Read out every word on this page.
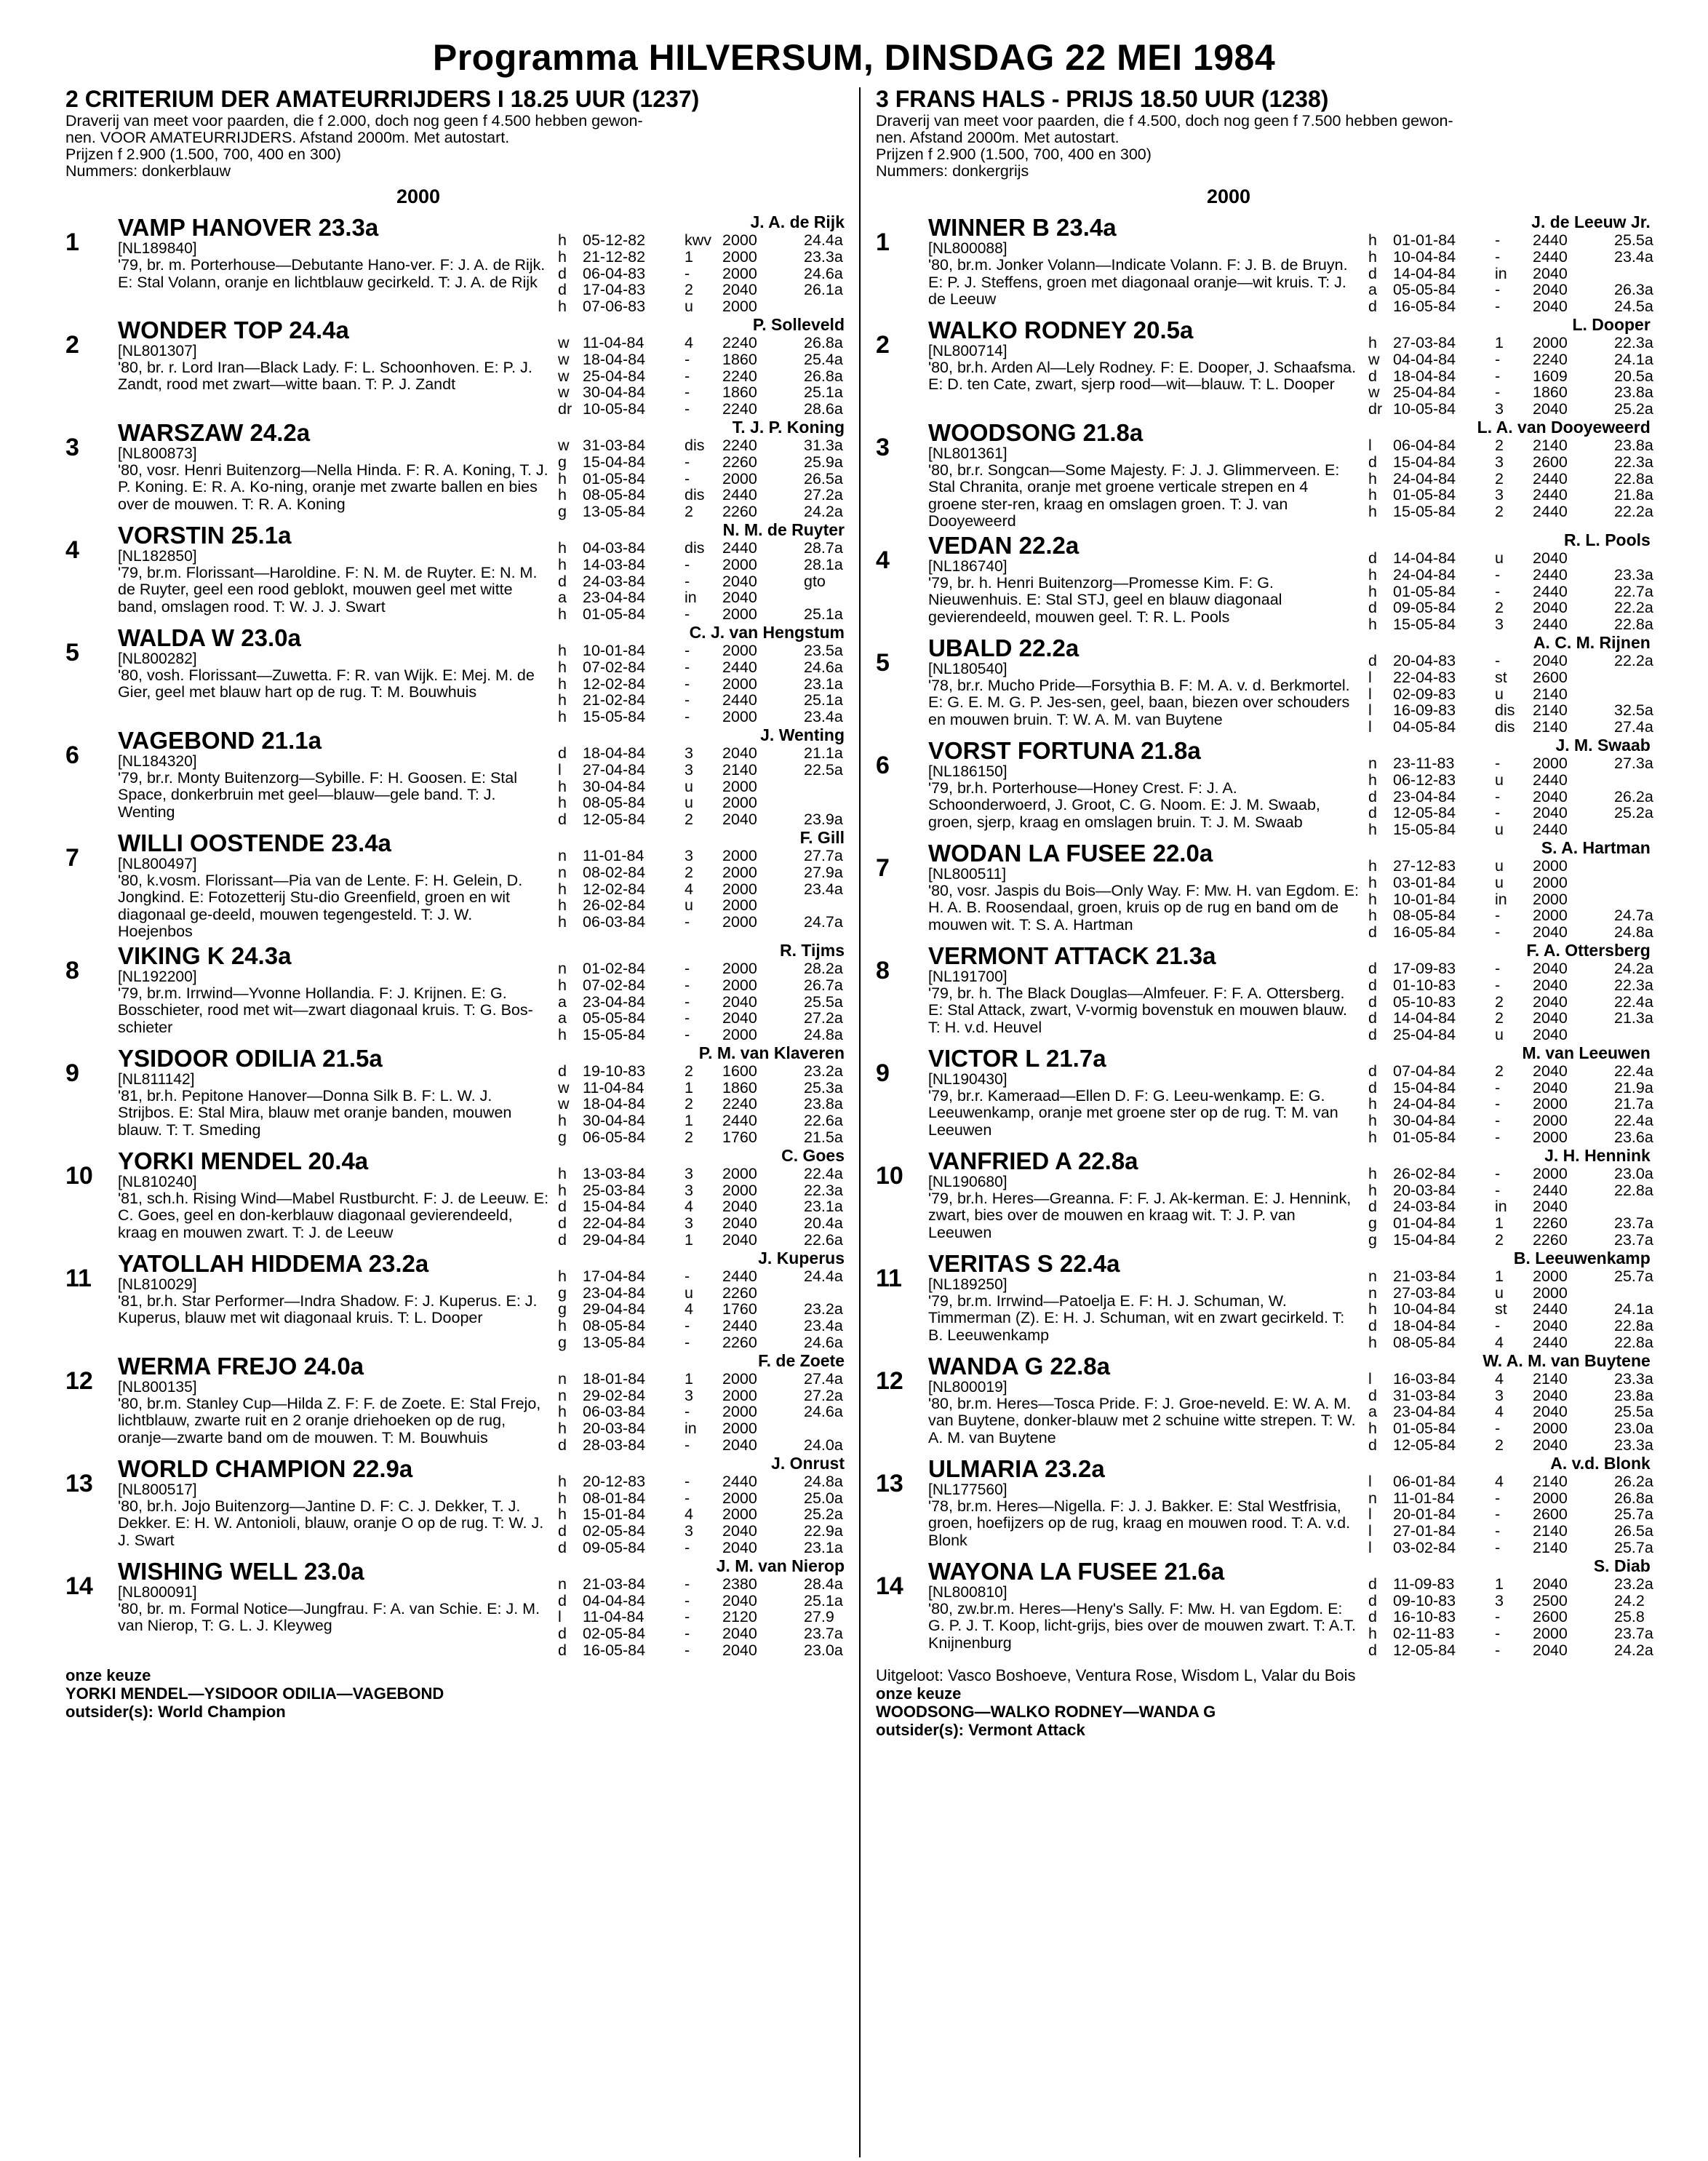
Programma HILVERSUM, DINSDAG 22 MEI 1984
2 CRITERIUM DER AMATEURRIJDERS I 18.25 UUR (1237)
Draverij van meet voor paarden, die f 2.000, doch nog geen f 4.500 hebben gewon-
nen. VOOR AMATEURRIJDERS. Afstand 2000m. Met autostart.
Prijzen f 2.900 (1.500, 700, 400 en 300)
Nummers: donkerblauw
2000
1
VAMP HANOVER 23.3a
[NL189840]
'79, br. m. Porterhouse—Debutante Hano-ver. F: J. A. de Rijk. E: Stal Volann, oranje en lichtblauw gecirkeld. T: J. A. de Rijk
J. A. de Rijk
h	05-12-82	kwv 2000	24.4a
h	21-12-82	1	2000	23.3a
d	06-04-83	-	2000	24.6a
d	17-04-83	2	2040	26.1a
h	07-06-83	u	2000
2
WONDER TOP 24.4a
[NL801307]
'80, br. r. Lord Iran—Black Lady. F: L. Schoonhoven. E: P. J. Zandt, rood met zwart—witte baan. T: P. J. Zandt
P. Solleveld
w 11-04-84	4	2240	26.8a
w 18-04-84	-	1860	25.4a
w 25-04-84	-	2240	26.8a
w 30-04-84	-	1860	25.1a
dr 10-05-84	-	2240	28.6a
3
WARSZAW 24.2a
[NL800873]
'80, vosr. Henri Buitenzorg—Nella Hinda. F: R. A. Koning, T. J. P. Koning. E: R. A. Ko-ning, oranje met zwarte ballen en bies over de mouwen. T: R. A. Koning
T. J. P. Koning
w 31-03-84	dis	2240	31.3a
g	15-04-84	-	2260	25.9a
h	01-05-84	-	2000	26.5a
h	08-05-84	dis	2440	27.2a
g	13-05-84	2	2260	24.2a
4
VORSTIN 25.1a
[NL182850]
'79, br.m. Florissant—Haroldine. F: N. M. de Ruyter. E: N. M. de Ruyter, geel een rood geblokt, mouwen geel met witte band, omslagen rood. T: W. J. J. Swart
N. M. de Ruyter
h	04-03-84	dis	2440	28.7a
h	14-03-84	-	2000	28.1a
d	24-03-84	-	2040	gto
a	23-04-84	in	2040
h	01-05-84	-	2000	25.1a
5
WALDA W 23.0a
[NL800282]
'80, vosh. Florissant—Zuwetta. F: R. van Wijk. E: Mej. M. de Gier, geel met blauw hart op de rug. T: M. Bouwhuis
C. J. van Hengstum
h	10-01-84	-	2000	23.5a
h	07-02-84	-	2440	24.6a
h	12-02-84	-	2000	23.1a
h	21-02-84	-	2440	25.1a
h	15-05-84	-	2000	23.4a
6
VAGEBOND 21.1a
[NL184320]
'79, br.r. Monty Buitenzorg—Sybille. F: H. Goosen. E: Stal Space, donkerbruin met geel—blauw—gele band. T: J. Wenting
J. Wenting
d	18-04-84	3	2040	21.1a
l	27-04-84	3	2140	22.5a
h	30-04-84	u	2000
h	08-05-84	u	2000
d	12-05-84	2	2040	23.9a
7
WILLI OOSTENDE 23.4a
[NL800497]
'80, k.vosm. Florissant—Pia van de Lente. F: H. Gelein, D. Jongkind. E: Fotozetterij Stu-dio Greenfield, groen en wit diagonaal ge-deeld, mouwen tegengesteld. T: J. W. Hoejenbos
F. Gill
n	11-01-84	3	2000	27.7a
n	08-02-84	2	2000	27.9a
h	12-02-84	4	2000	23.4a
h	26-02-84	u	2000
h	06-03-84	-	2000	24.7a
8
VIKING K 24.3a
[NL192200]
'79, br.m. Irrwind—Yvonne Hollandia. F: J. Krijnen. E: G. Bosschieter, rood met wit—zwart diagonaal kruis. T: G. Bos-schieter
R. Tijms
n	01-02-84	-	2000	28.2a
h	07-02-84	-	2000	26.7a
a	23-04-84	-	2040	25.5a
a	05-05-84	-	2040	27.2a
h	15-05-84	-	2000	24.8a
9
YSIDOOR ODILIA 21.5a
[NL811142]
'81, br.h. Pepitone Hanover—Donna Silk B. F: L. W. J. Strijbos. E: Stal Mira, blauw met oranje banden, mouwen blauw. T: T. Smeding
P. M. van Klaveren
d	19-10-83	2	1600	23.2a
w 11-04-84	1	1860	25.3a
w 18-04-84	2	2240	23.8a
h	30-04-84	1	2440	22.6a
g	06-05-84	2	1760	21.5a
10
YORKI MENDEL 20.4a
[NL810240]
'81, sch.h. Rising Wind—Mabel Rustburcht. F: J. de Leeuw. E: C. Goes, geel en don-kerblauw diagonaal gevierendeeld, kraag en mouwen zwart. T: J. de Leeuw
C. Goes
h	13-03-84	3	2000	22.4a
h	25-03-84	3	2000	22.3a
d	15-04-84	4	2040	23.1a
d	22-04-84	3	2040	20.4a
d	29-04-84	1	2040	22.6a
11
YATOLLAH HIDDEMA 23.2a
[NL810029]
'81, br.h. Star Performer—Indra Shadow. F: J. Kuperus. E: J. Kuperus, blauw met wit diagonaal kruis. T: L. Dooper
J. Kuperus
h	17-04-84	-	2440	24.4a
g	23-04-84	u	2260
g	29-04-84	4	1760	23.2a
h	08-05-84	-	2440	23.4a
g	13-05-84	-	2260	24.6a
12
WERMA FREJO 24.0a
[NL800135]
'80, br.m. Stanley Cup—Hilda Z. F: F. de Zoete. E: Stal Frejo, lichtblauw, zwarte ruit en 2 oranje driehoeken op de rug, oranje—zwarte band om de mouwen. T: M. Bouwhuis
F. de Zoete
n	18-01-84	1	2000	27.4a
n	29-02-84	3	2000	27.2a
h	06-03-84	-	2000	24.6a
h	20-03-84	in	2000
d	28-03-84	-	2040	24.0a
13
WORLD CHAMPION 22.9a
[NL800517]
'80, br.h. Jojo Buitenzorg—Jantine D. F: C. J. Dekker, T. J. Dekker. E: H. W. Antonioli, blauw, oranje O op de rug. T: W. J. J. Swart
J. Onrust
h	20-12-83	-	2440	24.8a
h	08-01-84	-	2000	25.0a
h	15-01-84	4	2000	25.2a
d	02-05-84	3	2040	22.9a
d	09-05-84	-	2040	23.1a
14
WISHING WELL 23.0a
[NL800091]
'80, br. m. Formal Notice—Jungfrau. F: A. van Schie. E: J. M. van Nierop, T: G. L. J. Kleyweg
J. M. van Nierop
n	21-03-84	-	2380	28.4a
d	04-04-84	-	2040	25.1a
l	11-04-84	-	2120	27.9
d	02-05-84	-	2040	23.7a
d	16-05-84	-	2040	23.0a
onze keuze
YORKI MENDEL—YSIDOOR ODILIA—VAGEBOND
outsider(s): World Champion
3 FRANS HALS - PRIJS 18.50 UUR (1238)
Draverij van meet voor paarden, die f 4.500, doch nog geen f 7.500 hebben gewon-
nen. Afstand 2000m. Met autostart.
Prijzen f 2.900 (1.500, 700, 400 en 300)
Nummers: donkergrijs
2000
1
WINNER B 23.4a
[NL800088]
'80, br.m. Jonker Volann—Indicate Volann. F: J. B. de Bruyn. E: P. J. Steffens, groen met diagonaal oranje—wit kruis. T: J. de Leeuw
J. de Leeuw Jr.
h	01-01-84	-	2440	25.5a
h	10-04-84	-	2440	23.4a
d	14-04-84	in	2040
a	05-05-84	-	2040	26.3a
d	16-05-84	-	2040	24.5a
2
WALKO RODNEY 20.5a
[NL800714]
'80, br.h. Arden Al—Lely Rodney. F: E. Dooper, J. Schaafsma. E: D. ten Cate, zwart, sjerp rood—wit—blauw. T: L. Dooper
L. Dooper
h	27-03-84	1	2000	22.3a
w 04-04-84	-	2240	24.1a
d	18-04-84	-	1609	20.5a
w 25-04-84	-	1860	23.8a
dr 10-05-84	3	2040	25.2a
3
WOODSONG 21.8a
[NL801361]
'80, br.r. Songcan—Some Majesty. F: J. J. Glimmerveen. E: Stal Chranita, oranje met groene verticale strepen en 4 groene ster-ren, kraag en omslagen groen. T: J. van Dooyeweerd
L. A. van Dooyeweerd
l	06-04-84	2	2140	23.8a
d	15-04-84	3	2600	22.3a
h	24-04-84	2	2440	22.8a
h	01-05-84	3	2440	21.8a
h	15-05-84	2	2440	22.2a
4
VEDAN 22.2a
[NL186740]
'79, br. h. Henri Buitenzorg—Promesse Kim. F: G. Nieuwenhuis. E: Stal STJ, geel en blauw diagonaal gevierendeeld, mouwen geel. T: R. L. Pools
R. L. Pools
d	14-04-84	u	2040
h	24-04-84	-	2440	23.3a
h	01-05-84	-	2440	22.7a
d	09-05-84	2	2040	22.2a
h	15-05-84	3	2440	22.8a
5
UBALD 22.2a
[NL180540]
'78, br.r. Mucho Pride—Forsythia B. F: M. A. v. d. Berkmortel. E: G. E. M. G. P. Jes-sen, geel, baan, biezen over schouders en mouwen bruin. T: W. A. M. van Buytene
A. C. M. Rijnen
d	20-04-83	-	2040	22.2a
l	22-04-83	st	2600
l	02-09-83	u	2140
l	16-09-83	dis	2140	32.5a
l	04-05-84	dis	2140	27.4a
6
VORST FORTUNA 21.8a
[NL186150]
'79, br.h. Porterhouse—Honey Crest. F: J. A. Schoonderwoerd, J. Groot, C. G. Noom. E: J. M. Swaab, groen, sjerp, kraag en omslagen bruin. T: J. M. Swaab
J. M. Swaab
n	23-11-83	-	2000	27.3a
h	06-12-83	u	2440
d	23-04-84	-	2040	26.2a
d	12-05-84	-	2040	25.2a
h	15-05-84	u	2440
7
WODAN LA FUSEE 22.0a
[NL800511]
'80, vosr. Jaspis du Bois—Only Way. F: Mw. H. van Egdom. E: H. A. B. Roosendaal, groen, kruis op de rug en band om de mouwen wit. T: S. A. Hartman
S. A. Hartman
h	27-12-83	u	2000
h	03-01-84	u	2000
h	10-01-84	in	2000
h	08-05-84	-	2000	24.7a
d	16-05-84	-	2040	24.8a
8
VERMONT ATTACK 21.3a
[NL191700]
'79, br. h. The Black Douglas—Almfeuer. F: F. A. Ottersberg. E: Stal Attack, zwart, V-vormig bovenstuk en mouwen blauw. T: H. v.d. Heuvel
F. A. Ottersberg
d	17-09-83	-	2040	24.2a
d	01-10-83	-	2040	22.3a
d	05-10-83	2	2040	22.4a
d	14-04-84	2	2040	21.3a
d	25-04-84	u	2040
9
VICTOR L 21.7a
[NL190430]
'79, br.r. Kameraad—Ellen D. F: G. Leeu-wenkamp. E: G. Leeuwenkamp, oranje met groene ster op de rug. T: M. van Leeuwen
M. van Leeuwen
d	07-04-84	2	2040	22.4a
d	15-04-84	-	2040	21.9a
h	24-04-84	-	2000	21.7a
h	30-04-84	-	2000	22.4a
h	01-05-84	-	2000	23.6a
10
VANFRIED A 22.8a
[NL190680]
'79, br.h. Heres—Greanna. F: F. J. Ak-kerman. E: J. Hennink, zwart, bies over de mouwen en kraag wit. T: J. P. van Leeuwen
J. H. Hennink
h	26-02-84	-	2000	23.0a
h	20-03-84	-	2440	22.8a
d	24-03-84	in	2040
g	01-04-84	1	2260	23.7a
g	15-04-84	2	2260	23.7a
11
VERITAS S 22.4a
[NL189250]
'79, br.m. Irrwind—Patoelja E. F: H. J. Schuman, W. Timmerman (Z). E: H. J. Schuman, wit en zwart gecirkeld. T: B. Leeuwenkamp
B. Leeuwenkamp
n	21-03-84	1	2000	25.7a
n	27-03-84	u	2000
h	10-04-84	st	2440	24.1a
d	18-04-84	-	2040	22.8a
h	08-05-84	4	2440	22.8a
12
WANDA G 22.8a
[NL800019]
'80, br.m. Heres—Tosca Pride. F: J. Groe-neveld. E: W. A. M. van Buytene, donker-blauw met 2 schuine witte strepen. T: W. A. M. van Buytene
W. A. M. van Buytene
l	16-03-84	4	2140	23.3a
d	31-03-84	3	2040	23.8a
a	23-04-84	4	2040	25.5a
h	01-05-84	-	2000	23.0a
d	12-05-84	2	2040	23.3a
13
ULMARIA 23.2a
[NL177560]
'78, br.m. Heres—Nigella. F: J. J. Bakker. E: Stal Westfrisia, groen, hoefijzers op de rug, kraag en mouwen rood. T: A. v.d. Blonk
A. v.d. Blonk
l	06-01-84	4	2140	26.2a
n	11-01-84	-	2000	26.8a
l	20-01-84	-	2600	25.7a
l	27-01-84	-	2140	26.5a
l	03-02-84	-	2140	25.7a
14
WAYONA LA FUSEE 21.6a
[NL800810]
'80, zw.br.m. Heres—Heny's Sally. F: Mw. H. van Egdom. E: G. P. J. T. Koop, licht-grijs, bies over de mouwen zwart. T: A.T. Knijnenburg
S. Diab
d	11-09-83	1	2040	23.2a
d	09-10-83	3	2500	24.2
d	16-10-83	-	2600	25.8
h	02-11-83	-	2000	23.7a
d	12-05-84	-	2040	24.2a
Uitgeloot: Vasco Boshoeve, Ventura Rose, Wisdom L, Valar du Bois
onze keuze
WOODSONG—WALKO RODNEY—WANDA G
outsider(s): Vermont Attack
